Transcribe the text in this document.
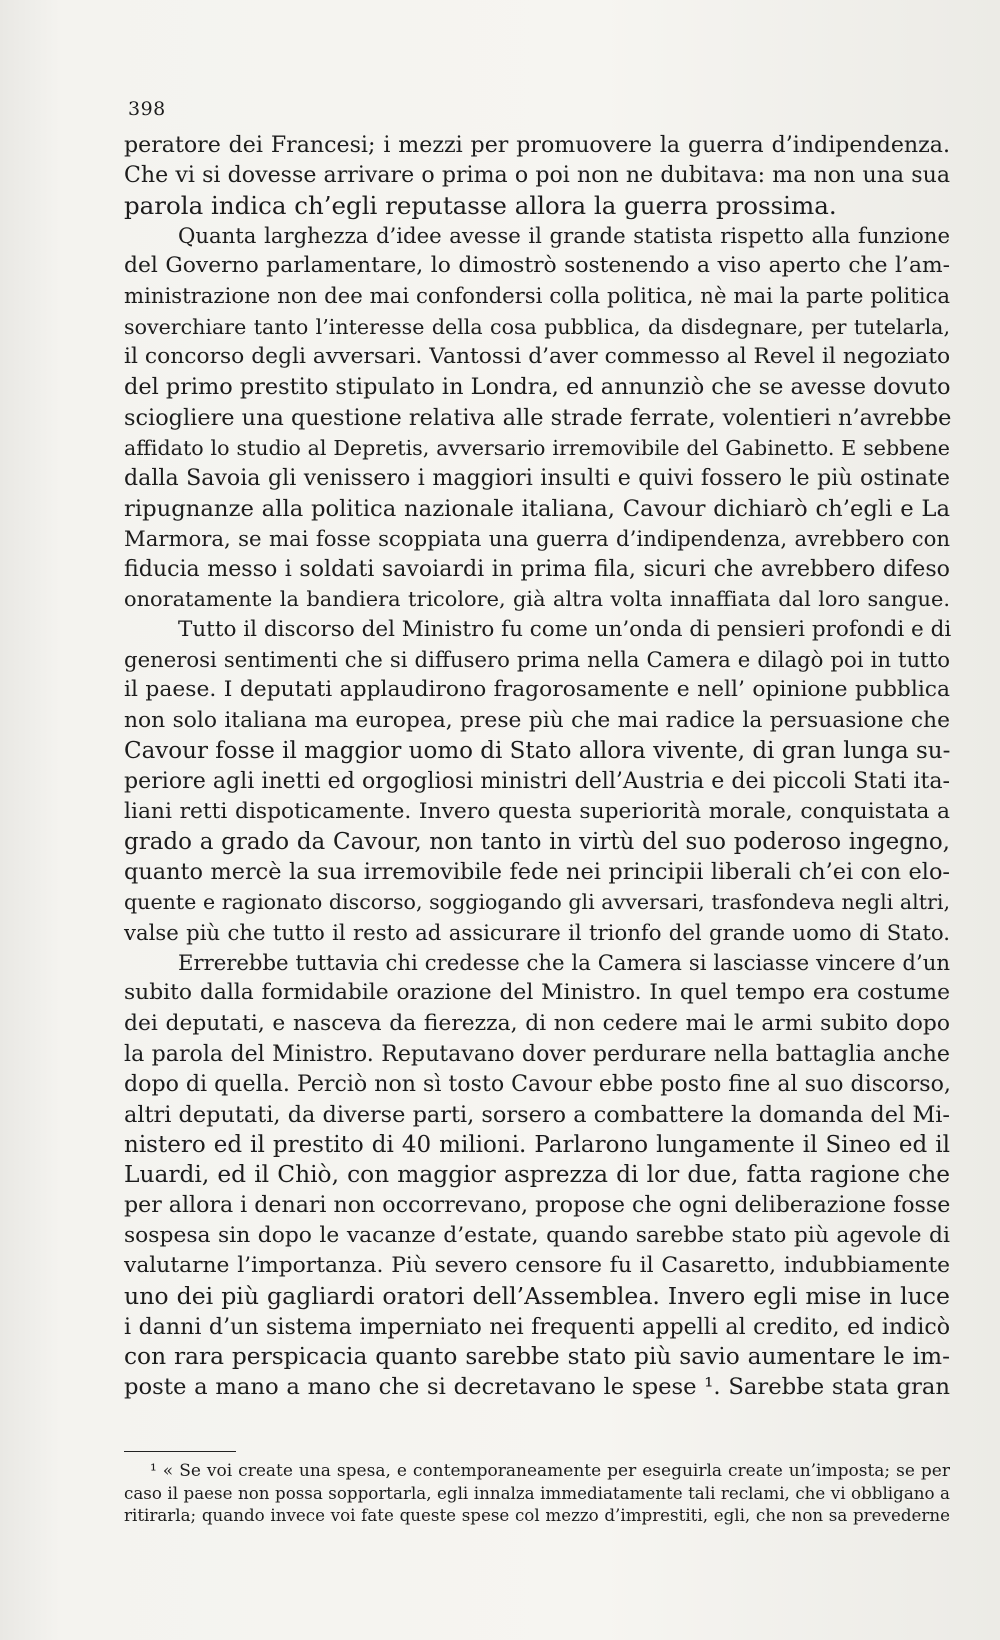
398
peratore dei Francesi; i mezzi per promuovere la guerra d’indipendenza.
Che vi si dovesse arrivare o prima o poi non ne dubitava: ma non una sua
parola indica ch’egli reputasse allora la guerra prossima.
Quanta larghezza d’idee avesse il grande statista rispetto alla funzione
del Governo parlamentare, lo dimostrò sostenendo a viso aperto che l’am-
ministrazione non dee mai confondersi colla politica, nè mai la parte politica
soverchiare tanto l’interesse della cosa pubblica, da disdegnare, per tutelarla,
il concorso degli avversari. Vantossi d’aver commesso al Revel il negoziato
del primo prestito stipulato in Londra, ed annunziò che se avesse dovuto
sciogliere una questione relativa alle strade ferrate, volentieri n’avrebbe
affidato lo studio al Depretis, avversario irremovibile del Gabinetto. E sebbene
dalla Savoia gli venissero i maggiori insulti e quivi fossero le più ostinate
ripugnanze alla politica nazionale italiana, Cavour dichiarò ch’egli e La
Marmora, se mai fosse scoppiata una guerra d’indipendenza, avrebbero con
fiducia messo i soldati savoiardi in prima fila, sicuri che avrebbero difeso
onoratamente la bandiera tricolore, già altra volta innaffiata dal loro sangue.
Tutto il discorso del Ministro fu come un’onda di pensieri profondi e di
generosi sentimenti che si diffusero prima nella Camera e dilagò poi in tutto
il paese. I deputati applaudirono fragorosamente e nell’ opinione pubblica
non solo italiana ma europea, prese più che mai radice la persuasione che
Cavour fosse il maggior uomo di Stato allora vivente, di gran lunga su-
periore agli inetti ed orgogliosi ministri dell’Austria e dei piccoli Stati ita-
liani retti dispoticamente. Invero questa superiorità morale, conquistata a
grado a grado da Cavour, non tanto in virtù del suo poderoso ingegno,
quanto mercè la sua irremovibile fede nei principii liberali ch’ei con elo-
quente e ragionato discorso, soggiogando gli avversari, trasfondeva negli altri,
valse più che tutto il resto ad assicurare il trionfo del grande uomo di Stato.
Errerebbe tuttavia chi credesse che la Camera si lasciasse vincere d’un
subito dalla formidabile orazione del Ministro. In quel tempo era costume
dei deputati, e nasceva da fierezza, di non cedere mai le armi subito dopo
la parola del Ministro. Reputavano dover perdurare nella battaglia anche
dopo di quella. Perciò non sì tosto Cavour ebbe posto fine al suo discorso,
altri deputati, da diverse parti, sorsero a combattere la domanda del Mi-
nistero ed il prestito di 40 milioni. Parlarono lungamente il Sineo ed il
Luardi, ed il Chiò, con maggior asprezza di lor due, fatta ragione che
per allora i denari non occorrevano, propose che ogni deliberazione fosse
sospesa sin dopo le vacanze d’estate, quando sarebbe stato più agevole di
valutarne l’importanza. Più severo censore fu il Casaretto, indubbiamente
uno dei più gagliardi oratori dell’Assemblea. Invero egli mise in luce
i danni d’un sistema imperniato nei frequenti appelli al credito, ed indicò
con rara perspicacia quanto sarebbe stato più savio aumentare le im-
poste a mano a mano che si decretavano le spese ¹. Sarebbe stata gran
¹ « Se voi create una spesa, e contemporaneamente per eseguirla create un’imposta; se per
caso il paese non possa sopportarla, egli innalza immediatamente tali reclami, che vi obbligano a
ritirarla; quando invece voi fate queste spese col mezzo d’imprestiti, egli, che non sa prevederne
